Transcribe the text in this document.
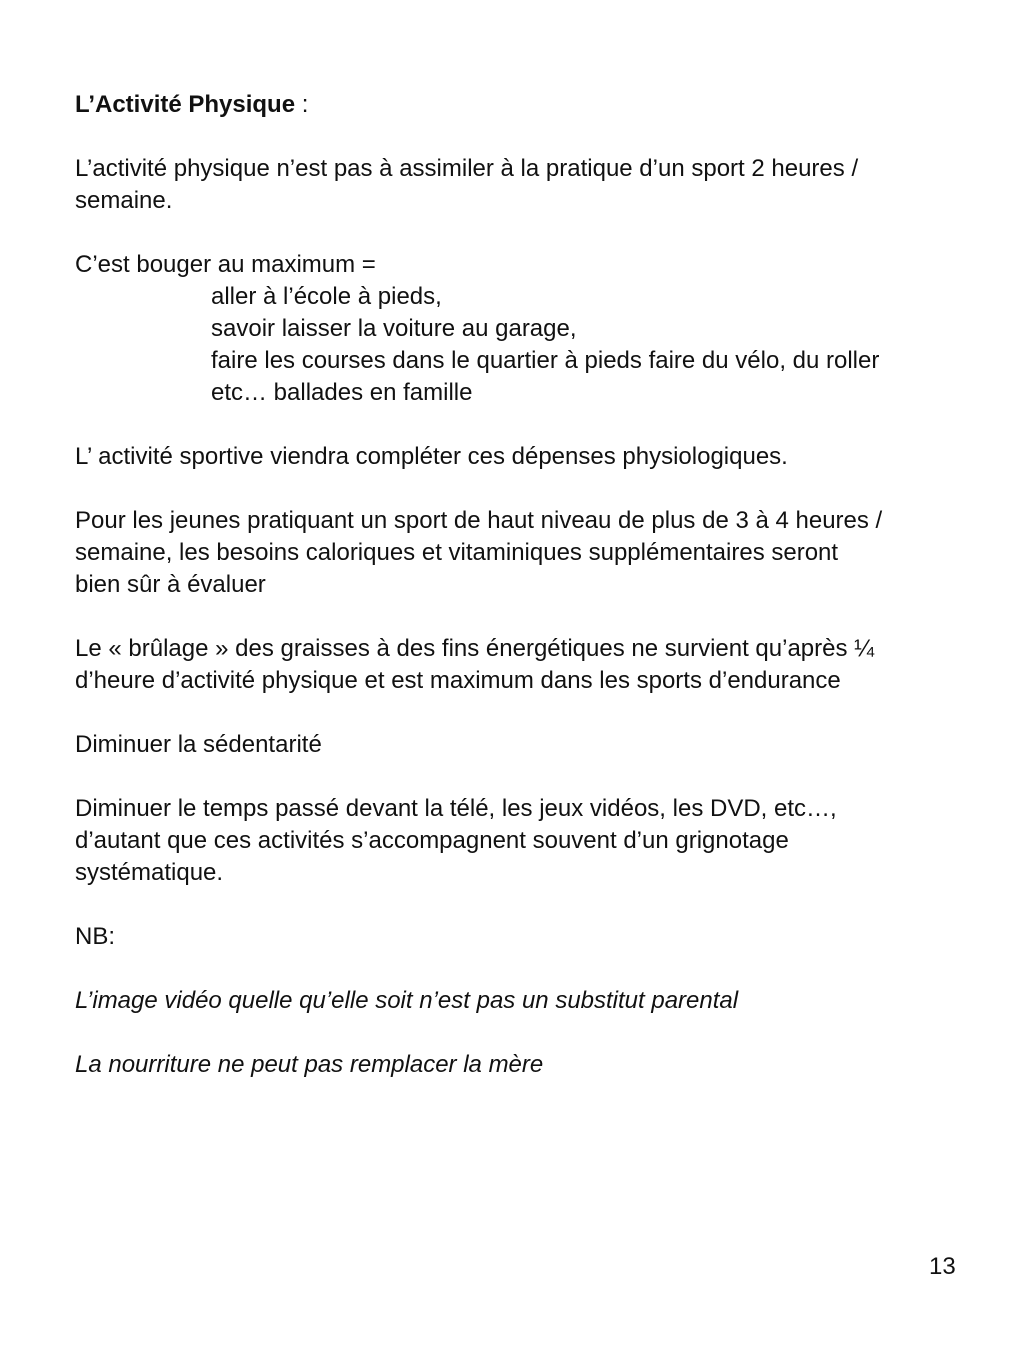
L’Activité Physique :

L’activité physique n’est pas à assimiler à la pratique d’un sport 2 heures /

semaine.

C’est bouger au maximum =

aller à l’école à pieds,

savoir laisser la voiture au garage,

faire les courses dans le quartier à pieds faire du vélo, du roller

etc… ballades en famille

L’ activité sportive viendra compléter ces dépenses physiologiques.

Pour les jeunes pratiquant un sport de haut niveau de plus de 3 à 4 heures /

semaine, les besoins caloriques et vitaminiques supplémentaires seront

bien sûr à évaluer

Le « brûlage » des graisses à des fins énergétiques ne survient qu’après ¼

d’heure d’activité physique et est maximum dans les sports d’endurance

Diminuer la sédentarité

Diminuer le temps passé devant la télé, les jeux vidéos, les DVD, etc…,

d’autant que ces activités s’accompagnent souvent d’un grignotage

systématique.

NB:

L’image vidéo quelle qu’elle soit n’est pas un substitut parental

La nourriture ne peut pas remplacer la mère

13
